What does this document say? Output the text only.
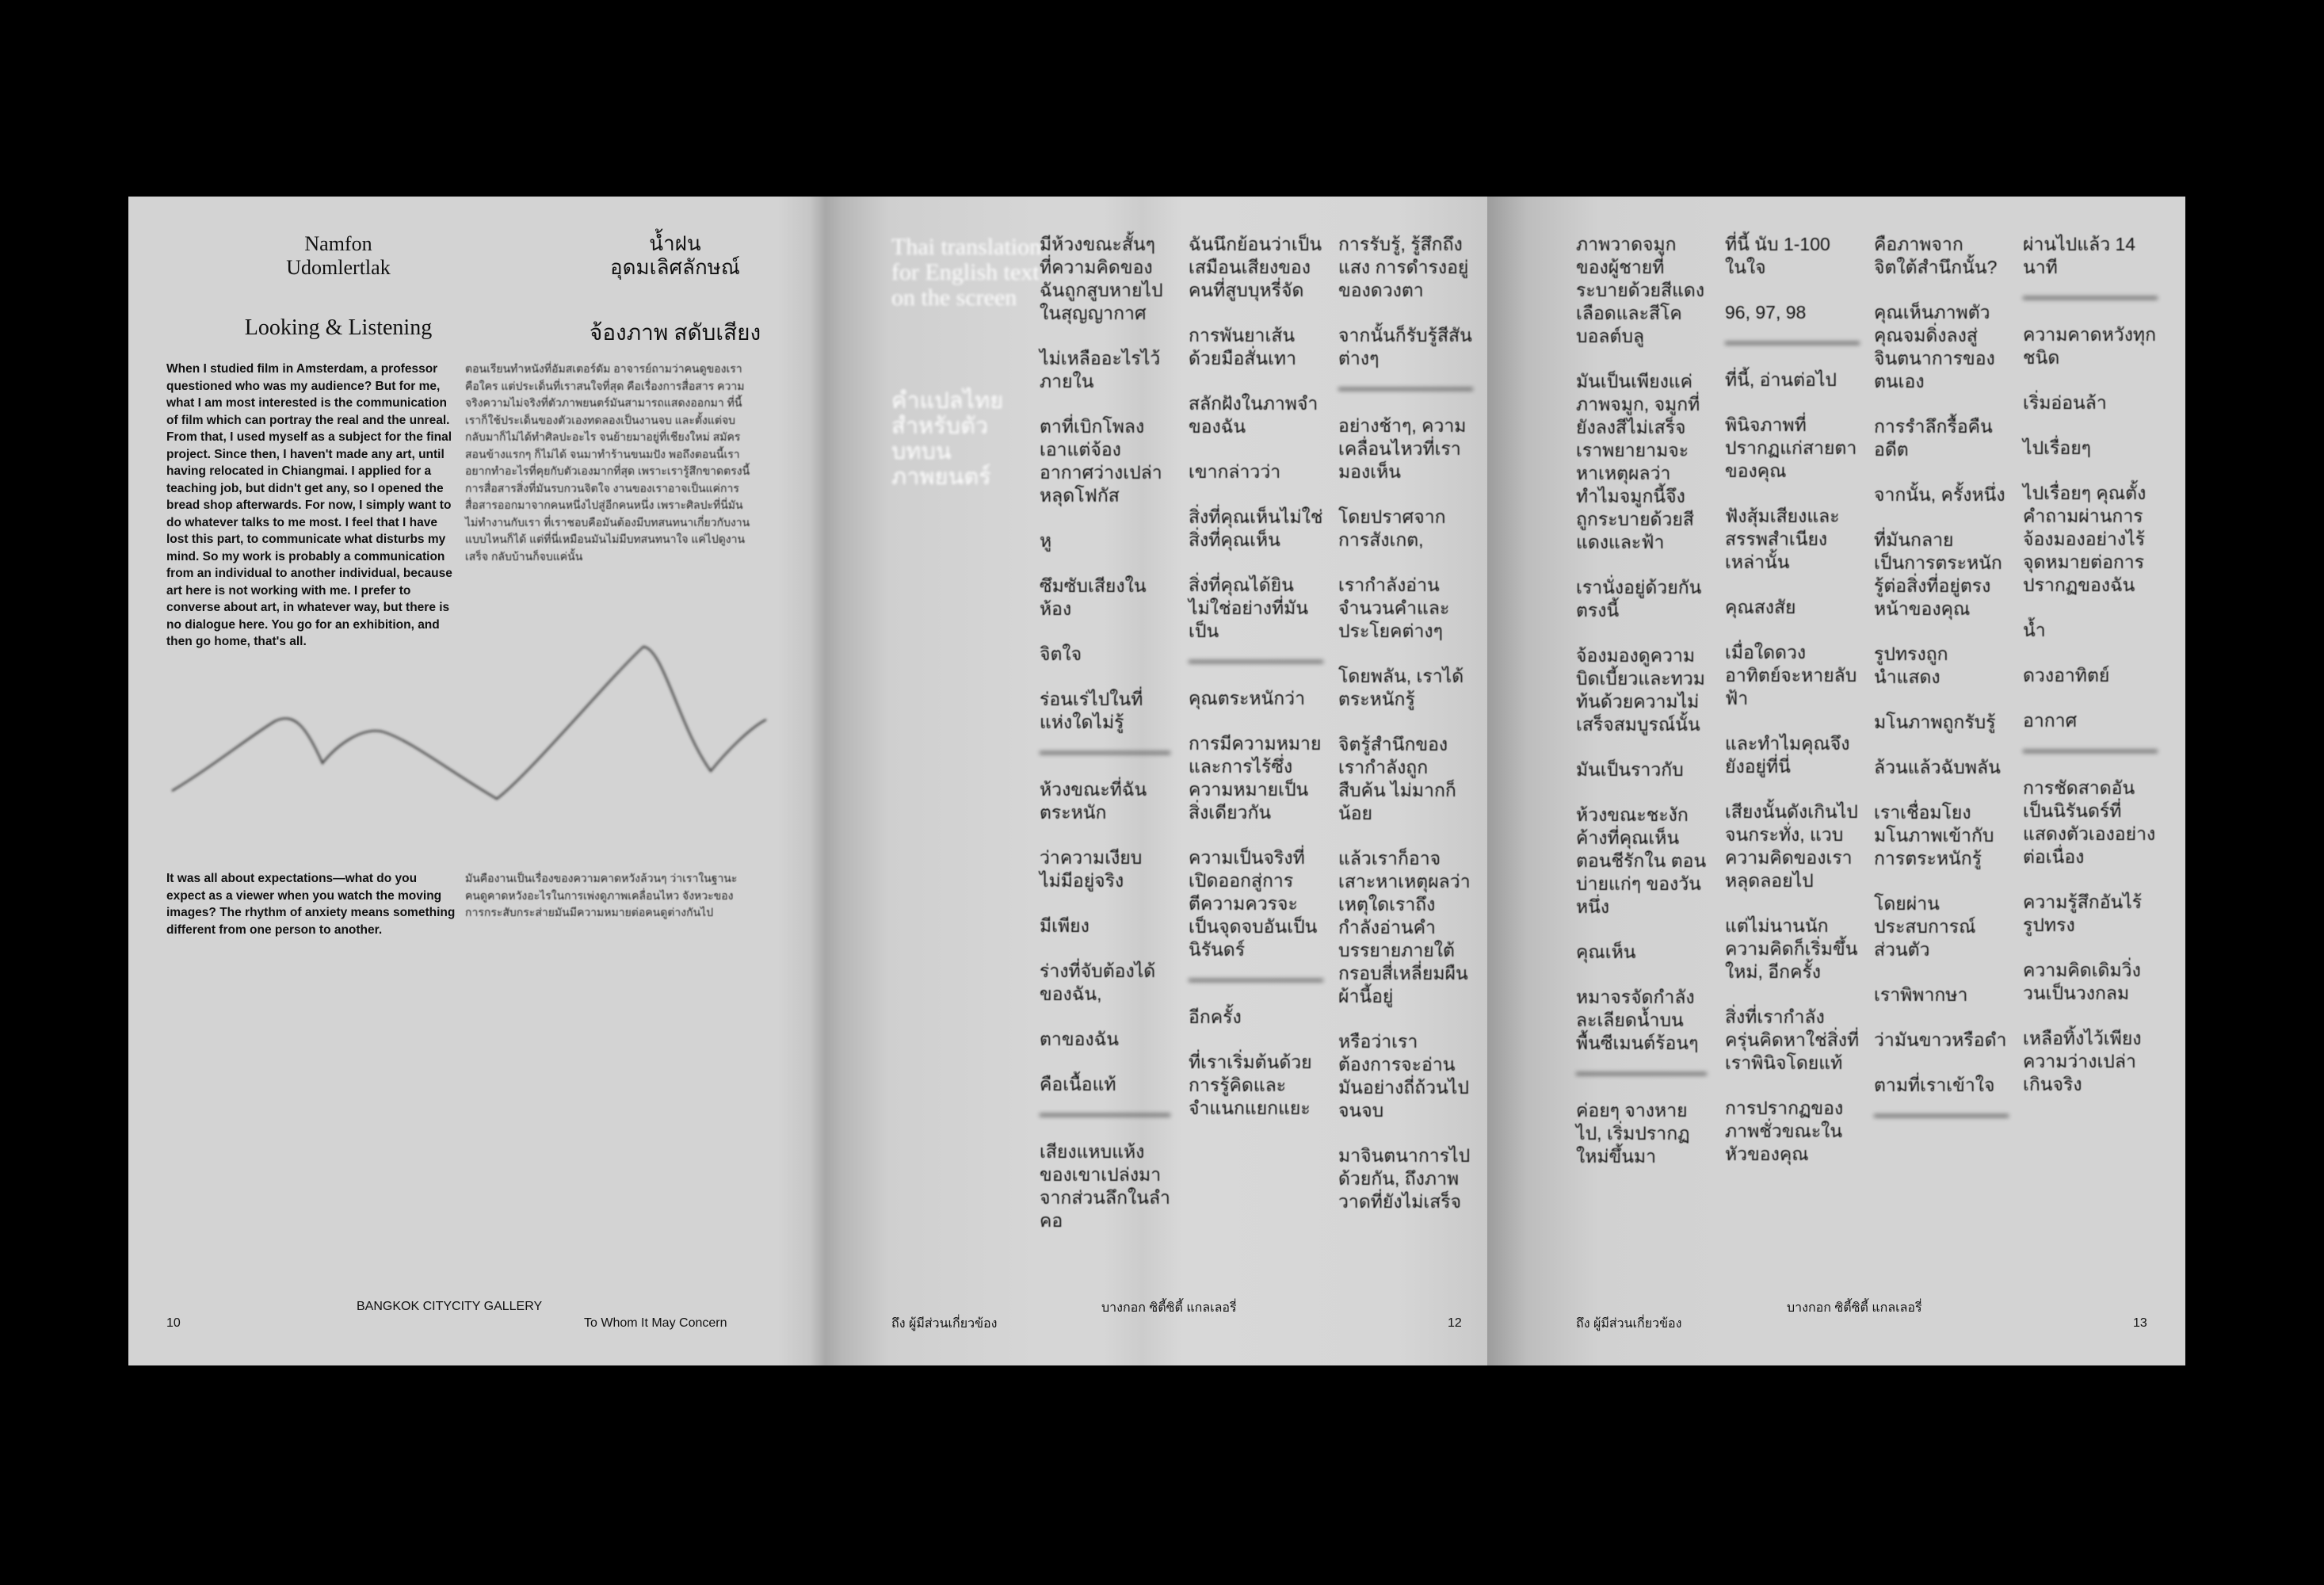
Namfon
Udomlertlak
น้ำฝน
อุดมเลิศลักษณ์
Looking & Listening	จ้องภาพ สดับเสียง
When I studied film in Amsterdam, a professor questioned who was my audience? But for me, what I am most interested is the communication of film which can portray the real and the unreal. From that, I used myself as a subject for the final project. Since then, I haven't made any art, until having relocated in Chiangmai. I applied for a teaching job, but didn't get any, so I opened the bread shop afterwards. For now, I simply want to do whatever talks to me most. I feel that I have lost this part, to communicate what disturbs my mind. So my work is probably a communication from an individual to another individual, because art here is not working with me. I prefer to converse about art, in whatever way, but there is no dialogue here. You go for an exhibition, and then go home, that's all.
ตอนเรียนทำหนังที่อัมสเตอร์ดัม อาจารย์ถามว่าคนดูของเราคือใคร แต่ประเด็นที่เราสนใจที่สุด คือเรื่องการสื่อสาร ความจริงความไม่จริงที่ตัวภาพยนตร์มันสามารถแสดงออกมา ที่นี้เราก็ใช้ประเด็นของตัวเองทดลองเป็นงานจบ และตั้งแต่จบกลับมาก็ไม่ได้ทำศิลปะอะไร จนย้ายมาอยู่ที่เชียงใหม่ สมัครสอนข้างแรกๆ ก็ไม่ได้ จนมาทำร้านขนมปัง พอถึงตอนนี้เราอยากทำอะไรที่คุยกับตัวเองมากที่สุด เพราะเรารู้สึกขาดตรงนี้ การสื่อสารสิ่งที่มันรบกวนจิตใจ งานของเราอาจเป็นแค่การสื่อสารออกมาจากคนหนึ่งไปสู่อีกคนหนึ่ง เพราะศิลปะที่นี่มันไม่ทำงานกับเรา ที่เราชอบคือมันต้องมีบทสนทนาเกี่ยวกับงาน แบบไหนก็ได้ แต่ที่นี่เหมือนมันไม่มีบทสนทนาใจ แค่ไปดูงานเสร็จ กลับบ้านก็จบแค่นั้น
It was all about expectations—what do you expect as a viewer when you watch the moving images? The rhythm of anxiety means something different from one person to another.
มันคืองานเป็นเรื่องของความคาดหวังล้วนๆ ว่าเราในฐานะคนดูคาดหวังอะไรในการเพ่งดูภาพเคลื่อนไหว จังหวะของการกระสับกระส่ายมันมีความหมายต่อคนดูต่างกันไป
10
BANGKOK CITYCITY GALLERY
To Whom It May Concern
Thai translation for English text on the screen
คำแปลไทยสำหรับตัวบทบนภาพยนตร์
มีห้วงขณะสั้นๆ ที่ความคิดของฉันถูกสูบหายไปในสุญญากาศ
ไม่เหลืออะไรไว้ภายใน
ตาที่เบิกโพลงเอาแต่จ้องอากาศว่างเปล่า หลุดโฟกัส
หู
ซึมซับเสียงในห้อง
จิตใจ
ร่อนเร่ไปในที่แห่งใดไม่รู้
ห้วงขณะที่ฉันตระหนัก
ว่าความเงียบไม่มีอยู่จริง
มีเพียง
ร่างที่จับต้องได้ของฉัน,
ตาของฉัน
คือเนื้อแท้
เสียงแหบแห้งของเขาเปล่งมาจากส่วนลึกในลำคอ
ฉันนึกย้อนว่าเป็นเสมือนเสียงของคนที่สูบบุหรี่จัด
การพันยาเส้นด้วยมือสั่นเทา
สลักฝังในภาพจำของฉัน
เขากล่าวว่า
สิ่งที่คุณเห็นไม่ใช่สิ่งที่คุณเห็น
สิ่งที่คุณได้ยินไม่ใช่อย่างที่มันเป็น
คุณตระหนักว่า
การมีความหมายและการไร้ซึ่งความหมายเป็นสิ่งเดียวกัน
ความเป็นจริงที่เปิดออกสู่การตีความควรจะเป็นจุดจบอันเป็นนิรันดร์
อีกครั้ง
ที่เราเริ่มต้นด้วยการรู้คิดและจำแนกแยกแยะ
การรับรู้, รู้สึกถึงแสง การดำรงอยู่ของดวงตา
จากนั้นก็รับรู้สีสันต่างๆ
อย่างช้าๆ, ความเคลื่อนไหวที่เรามองเห็น
โดยปราศจากการสังเกต,
เรากำลังอ่านจำนวนคำและประโยคต่างๆ
โดยพลัน, เราได้ตระหนักรู้
จิตรู้สำนึกของเรากำลังถูกสืบค้น ไม่มากก็น้อย
แล้วเราก็อาจเสาะหาเหตุผลว่าเหตุใดเราถึงกำลังอ่านคำบรรยายภายใต้กรอบสี่เหลี่ยมผืนผ้านี้อยู่
หรือว่าเราต้องการจะอ่านมันอย่างถี่ถ้วนไปจนจบ
มาจินตนาการไปด้วยกัน, ถึงภาพวาดที่ยังไม่เสร็จ
ถึง ผู้มีส่วนเกี่ยวข้อง
บางกอก ซิตี้ซิตี้ แกลเลอรี่
12
ภาพวาดจมูกของผู้ชายที่ระบายด้วยสีแดงเลือดและสีโคบอลต์บลู
มันเป็นเพียงแค่ภาพจมูก, จมูกที่ยังลงสีไม่เสร็จ เราพยายามจะหาเหตุผลว่าทำไมจมูกนี้จึงถูกระบายด้วยสีแดงและฟ้า
เรานั่งอยู่ด้วยกันตรงนี้
จ้องมองดูความบิดเบี้ยวและทวมท้นด้วยความไม่เสร็จสมบูรณ์นั้น
มันเป็นราวกับ
ห้วงขณะชะงักค้างที่คุณเห็นตอนชีรักใน ตอนบ่ายแก่ๆ ของวันหนึ่ง
คุณเห็น
หมาจรจัดกำลังละเลียดน้ำบนพื้นซีเมนต์ร้อนๆ
ค่อยๆ จางหายไป, เริ่มปรากฏใหม่ขึ้นมา
ที่นี้ นับ 1-100 ในใจ
96, 97, 98
ที่นี้, อ่านต่อไป
พินิจภาพที่ปรากฏแก่สายตาของคุณ
ฟังสุ้มเสียงและสรรพสำเนียงเหล่านั้น
คุณสงสัย
เมื่อใดดวงอาทิตย์จะหายลับฟ้า
และทำไมคุณจึงยังอยู่ที่นี่
เสียงนั้นดังเกินไปจนกระทั่ง, แวบความคิดของเราหลุดลอยไป
แต่ไม่นานนัก ความคิดก็เริ่มขึ้นใหม่, อีกครั้ง
สิ่งที่เรากำลังครุ่นคิดหาใช่สิ่งที่เราพินิจโดยแท้
การปรากฏของภาพชั่วขณะในหัวของคุณ
คือภาพจากจิตใต้สำนึกนั้น?
คุณเห็นภาพตัวคุณจมดิ่งลงสู่จินตนาการของตนเอง
การรำลึกรื้อคืนอดีต
จากนั้น, ครั้งหนึ่ง
ที่มันกลายเป็นการตระหนักรู้ต่อสิ่งที่อยู่ตรงหน้าของคุณ
รูปทรงถูกนำแสดง
มโนภาพถูกรับรู้
ล้วนแล้วฉับพลัน
เราเชื่อมโยงมโนภาพเข้ากับการตระหนักรู้
โดยผ่านประสบการณ์ส่วนตัว
เราพิพากษา
ว่ามันขาวหรือดำ
ตามที่เราเข้าใจ
ผ่านไปแล้ว 14 นาที
ความคาดหวังทุกชนิด
เริ่มอ่อนล้า
ไปเรื่อยๆ
ไปเรื่อยๆ คุณตั้งคำถามผ่านการจ้องมองอย่างไร้จุดหมายต่อการปรากฏของฉัน
น้ำ
ดวงอาทิตย์
อากาศ
การชัดสาดอันเป็นนิรันดร์ที่แสดงตัวเองอย่างต่อเนื่อง
ความรู้สึกอันไร้รูปทรง
ความคิดเดิมวิ่งวนเป็นวงกลม
เหลือทิ้งไว้เพียงความว่างเปล่าเกินจริง
ถึง ผู้มีส่วนเกี่ยวข้อง
บางกอก ซิตี้ซิตี้ แกลเลอรี่
13
